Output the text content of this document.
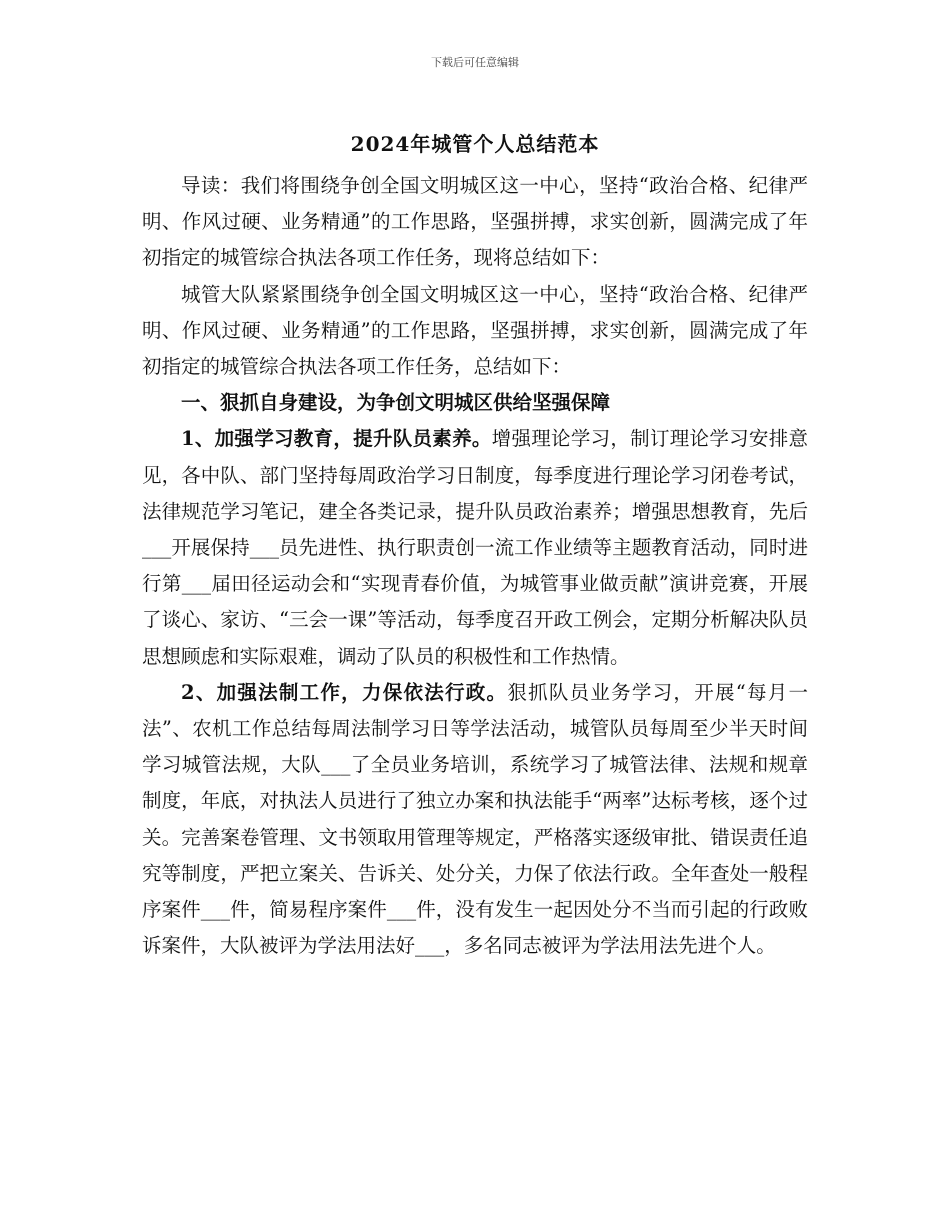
下载后可任意编辑
2024年城管个人总结范本

导读：我们将围绕争创全国文明城区这一中心，坚持“政治合格、纪律严明、作风过硬、业务精通”的工作思路，坚强拼搏，求实创新，圆满完成了年初指定的城管综合执法各项工作任务，现将总结如下：

城管大队紧紧围绕争创全国文明城区这一中心，坚持“政治合格、纪律严明、作风过硬、业务精通”的工作思路，坚强拼搏，求实创新，圆满完成了年初指定的城管综合执法各项工作任务，总结如下：

一、狠抓自身建设，为争创文明城区供给坚强保障

1、加强学习教育，提升队员素养。增强理论学习，制订理论学习安排意见，各中队、部门坚持每周政治学习日制度，每季度进行理论学习闭卷考试，法律规范学习笔记，建全各类记录，提升队员政治素养；增强思想教育，先后___开展保持___员先进性、执行职责创一流工作业绩等主题教育活动，同时进行第___届田径运动会和“实现青春价值，为城管事业做贡献”演讲竞赛，开展了谈心、家访、“三会一课”等活动，每季度召开政工例会，定期分析解决队员思想顾虑和实际艰难，调动了队员的积极性和工作热情。

2、加强法制工作，力保依法行政。狠抓队员业务学习，开展“每月一法”、农机工作总结每周法制学习日等学法活动，城管队员每周至少半天时间学习城管法规，大队___了全员业务培训，系统学习了城管法律、法规和规章制度，年底，对执法人员进行了独立办案和执法能手“两率”达标考核，逐个过关。完善案卷管理、文书领取用管理等规定，严格落实逐级审批、错误责任追究等制度，严把立案关、告诉关、处分关，力保了依法行政。全年查处一般程序案件___件，简易程序案件___件，没有发生一起因处分不当而引起的行政败诉案件，大队被评为学法用法好___，多名同志被评为学法用法先进个人。
